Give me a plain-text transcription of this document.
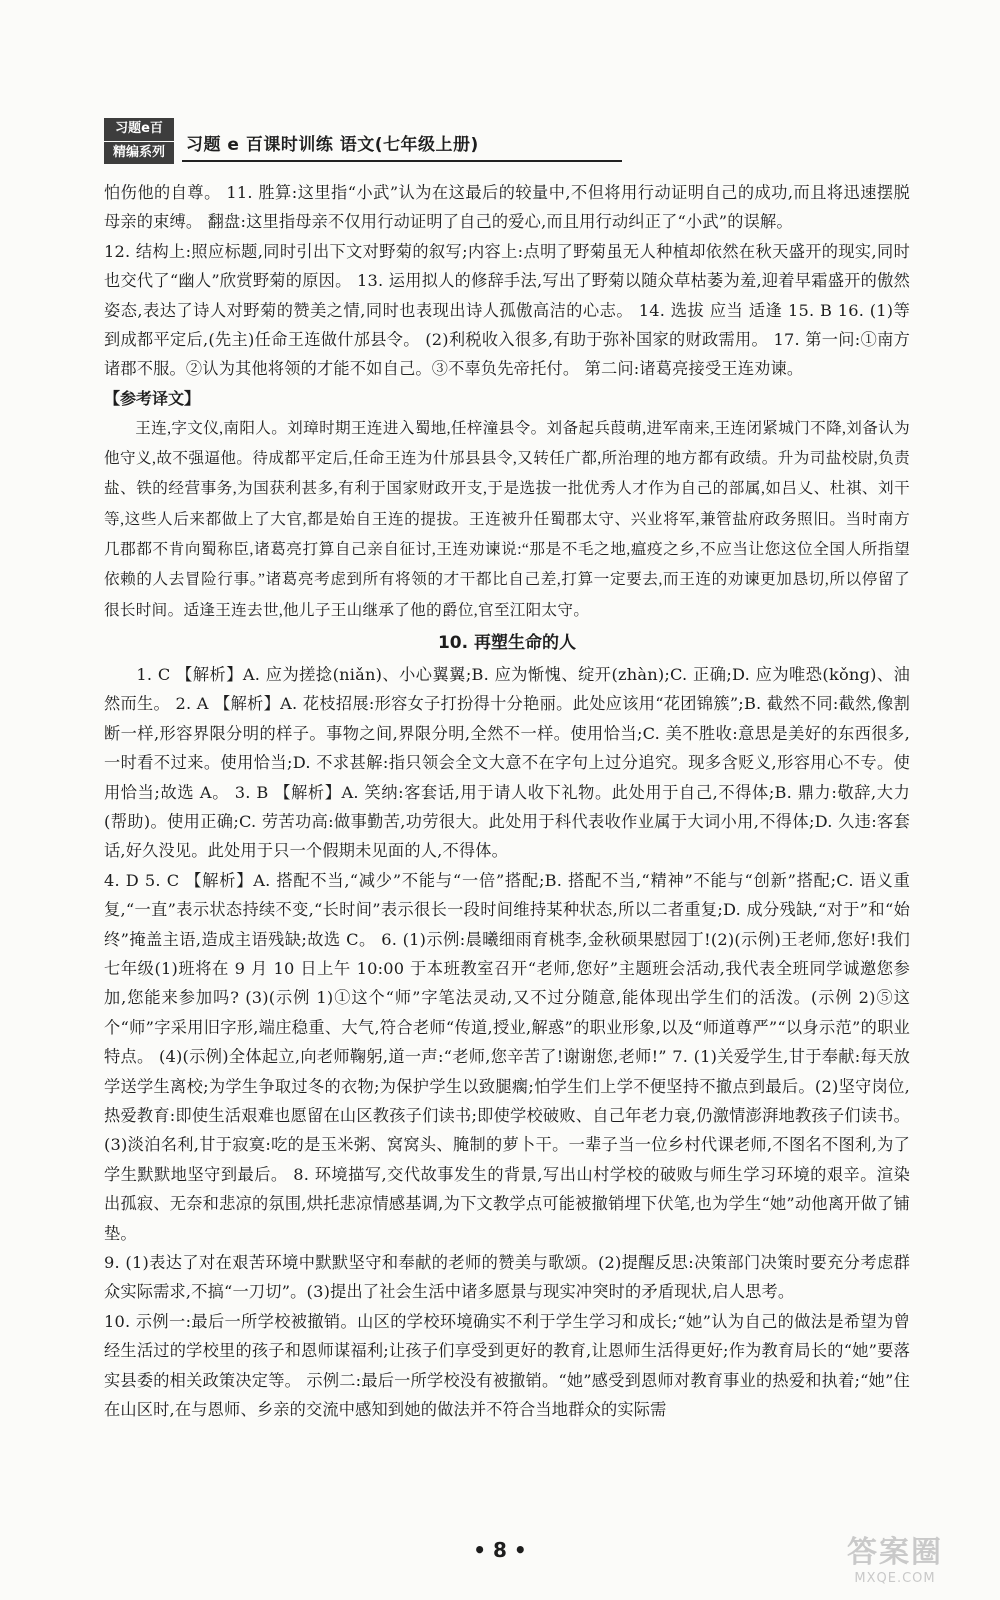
习题e百
精编系列	习题 e 百课时训练 语文(七年级上册)

怕伤他的自尊。 11. 胜算:这里指“小武”认为在这最后的较量中,不但将用行动证明自己的成功,而且将迅速摆脱母亲的束缚。 翻盘:这里指母亲不仅用行动证明了自己的爱心,而且用行动纠正了“小武”的误解。

12. 结构上:照应标题,同时引出下文对野菊的叙写;内容上:点明了野菊虽无人种植却依然在秋天盛开的现实,同时也交代了“幽人”欣赏野菊的原因。 13. 运用拟人的修辞手法,写出了野菊以随众草枯萎为羞,迎着早霜盛开的傲然姿态,表达了诗人对野菊的赞美之情,同时也表现出诗人孤傲高洁的心志。 14. 选拔 应当 适逢 15. B 16. (1)等到成都平定后,(先主)任命王连做什邡县令。 (2)利税收入很多,有助于弥补国家的财政需用。 17. 第一问:①南方诸郡不服。②认为其他将领的才能不如自己。③不辜负先帝托付。 第二问:诸葛亮接受王连劝谏。

【参考译文】

王连,字文仪,南阳人。刘璋时期王连进入蜀地,任梓潼县令。刘备起兵葭萌,进军南来,王连闭紧城门不降,刘备认为他守义,故不强逼他。待成都平定后,任命王连为什邡县县令,又转任广都,所治理的地方都有政绩。升为司盐校尉,负责盐、铁的经营事务,为国获利甚多,有利于国家财政开支,于是选拔一批优秀人才作为自己的部属,如吕乂、杜祺、刘干等,这些人后来都做上了大官,都是始自王连的提拔。王连被升任蜀郡太守、兴业将军,兼管盐府政务照旧。当时南方几郡都不肯向蜀称臣,诸葛亮打算自己亲自征讨,王连劝谏说:“那是不毛之地,瘟疫之乡,不应当让您这位全国人所指望依赖的人去冒险行事。”诸葛亮考虑到所有将领的才干都比自己差,打算一定要去,而王连的劝谏更加恳切,所以停留了很长时间。适逢王连去世,他儿子王山继承了他的爵位,官至江阳太守。

10. 再塑生命的人

1. C 【解析】A. 应为搓捻(niǎn)、小心翼翼;B. 应为惭愧、绽开(zhàn);C. 正确;D. 应为唯恐(kǒng)、油然而生。 2. A 【解析】A. 花枝招展:形容女子打扮得十分艳丽。此处应该用“花团锦簇”;B. 截然不同:截然,像割断一样,形容界限分明的样子。事物之间,界限分明,全然不一样。使用恰当;C. 美不胜收:意思是美好的东西很多,一时看不过来。使用恰当;D. 不求甚解:指只领会全文大意不在字句上过分追究。现多含贬义,形容用心不专。使用恰当;故选 A。 3. B 【解析】A. 笑纳:客套话,用于请人收下礼物。此处用于自己,不得体;B. 鼎力:敬辞,大力(帮助)。使用正确;C. 劳苦功高:做事勤苦,功劳很大。此处用于科代表收作业属于大词小用,不得体;D. 久违:客套话,好久没见。此处用于只一个假期未见面的人,不得体。

4. D 5. C 【解析】A. 搭配不当,“减少”不能与“一倍”搭配;B. 搭配不当,“精神”不能与“创新”搭配;C. 语义重复,“一直”表示状态持续不变,“长时间”表示很长一段时间维持某种状态,所以二者重复;D. 成分残缺,“对于”和“始终”掩盖主语,造成主语残缺;故选 C。 6. (1)示例:晨曦细雨育桃李,金秋硕果慰园丁!(2)(示例)王老师,您好!我们七年级(1)班将在 9 月 10 日上午 10:00 于本班教室召开“老师,您好”主题班会活动,我代表全班同学诚邀您参加,您能来参加吗? (3)(示例 1)①这个“师”字笔法灵动,又不过分随意,能体现出学生们的活泼。(示例 2)⑤这个“师”字采用旧字形,端庄稳重、大气,符合老师“传道,授业,解惑”的职业形象,以及“师道尊严”“以身示范”的职业特点。 (4)(示例)全体起立,向老师鞠躬,道一声:“老师,您辛苦了!谢谢您,老师!” 7. (1)关爱学生,甘于奉献:每天放学送学生离校;为学生争取过冬的衣物;为保护学生以致腿瘸;怕学生们上学不便坚持不撤点到最后。(2)坚守岗位,热爱教育:即使生活艰难也愿留在山区教孩子们读书;即使学校破败、自己年老力衰,仍激情澎湃地教孩子们读书。(3)淡泊名利,甘于寂寞:吃的是玉米粥、窝窝头、腌制的萝卜干。一辈子当一位乡村代课老师,不图名不图利,为了学生默默地坚守到最后。 8. 环境描写,交代故事发生的背景,写出山村学校的破败与师生学习环境的艰辛。渲染出孤寂、无奈和悲凉的氛围,烘托悲凉情感基调,为下文教学点可能被撤销埋下伏笔,也为学生“她”动他离开做了铺垫。

9. (1)表达了对在艰苦环境中默默坚守和奉献的老师的赞美与歌颂。(2)提醒反思:决策部门决策时要充分考虑群众实际需求,不搞“一刀切”。(3)提出了社会生活中诸多愿景与现实冲突时的矛盾现状,启人思考。

10. 示例一:最后一所学校被撤销。山区的学校环境确实不利于学生学习和成长;“她”认为自己的做法是希望为曾经生活过的学校里的孩子和恩师谋福利;让孩子们享受到更好的教育,让恩师生活得更好;作为教育局长的“她”要落实县委的相关政策决定等。 示例二:最后一所学校没有被撤销。“她”感受到恩师对教育事业的热爱和执着;“她”住在山区时,在与恩师、乡亲的交流中感知到她的做法并不符合当地群众的实际需

• 8 •	答案圈
MXQE.COM
